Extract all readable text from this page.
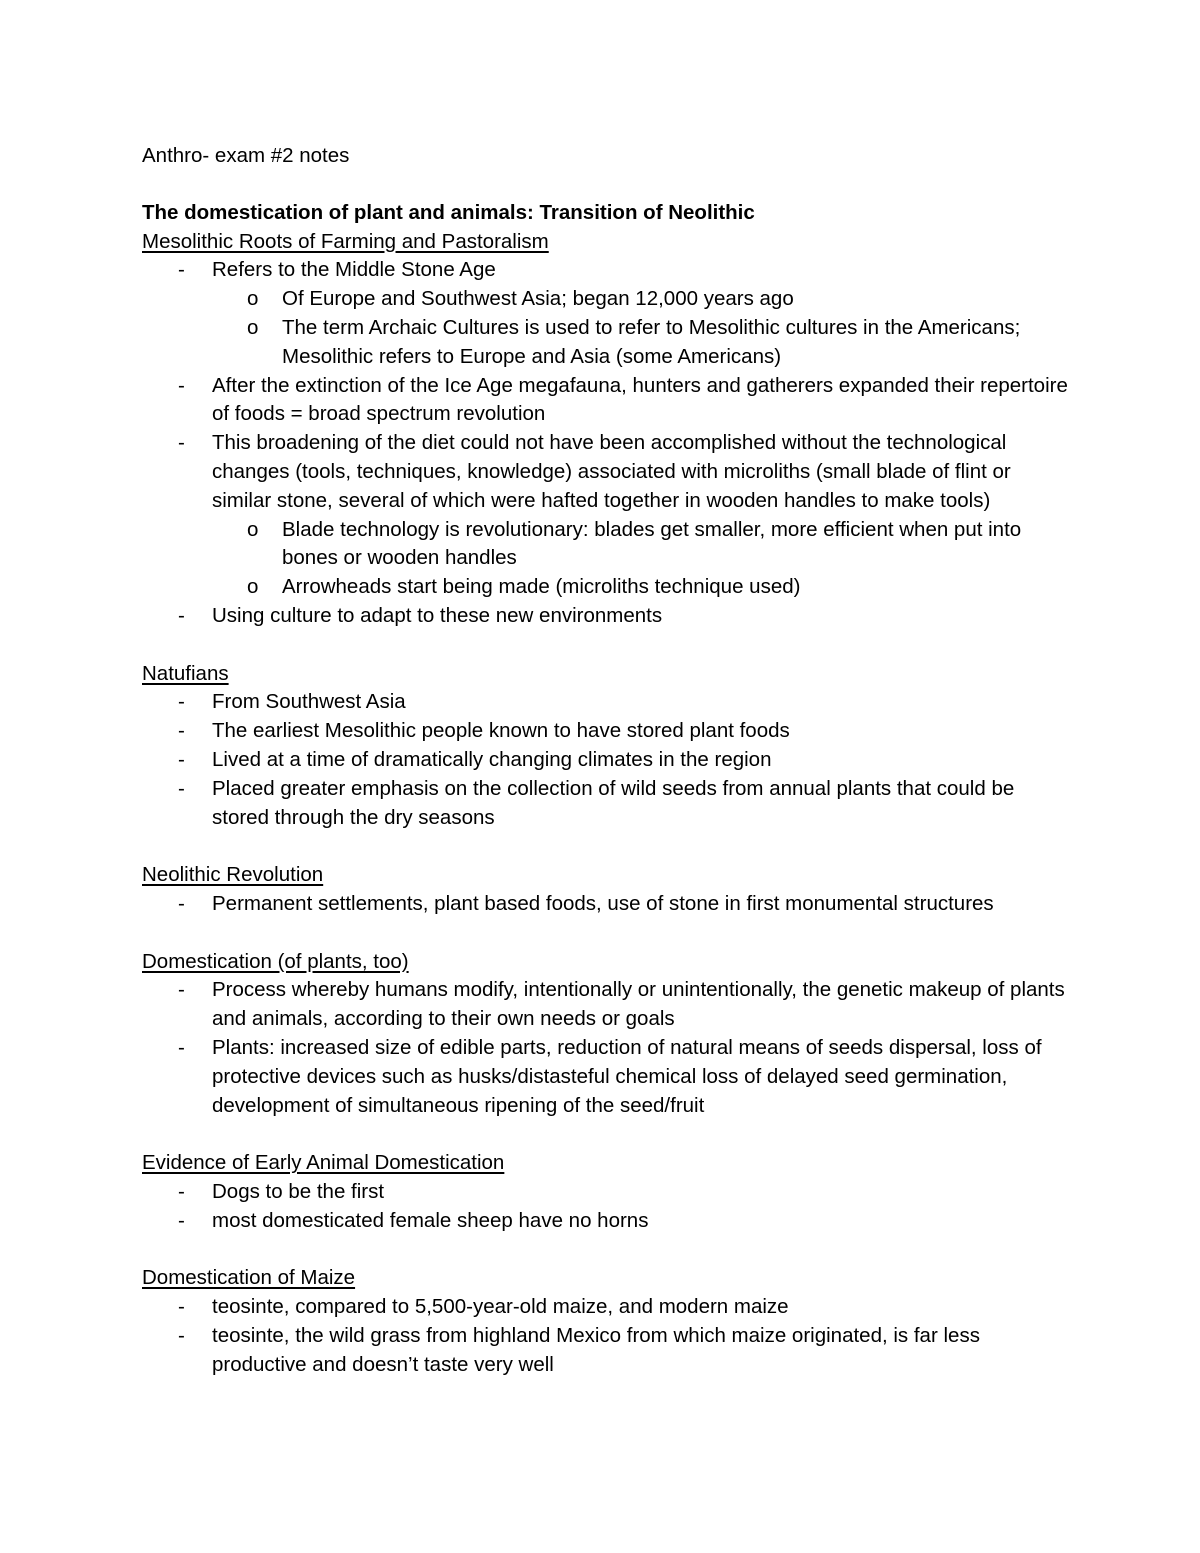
Anthro- exam #2 notes

The domestication of plant and animals: Transition of Neolithic

Mesolithic Roots of Farming and Pastoralism

- Refers to the Middle Stone Age
o Of Europe and Southwest Asia; began 12,000 years ago
o The term Archaic Cultures is used to refer to Mesolithic cultures in the Americans; Mesolithic refers to Europe and Asia (some Americans)
- After the extinction of the Ice Age megafauna, hunters and gatherers expanded their repertoire of foods = broad spectrum revolution
- This broadening of the diet could not have been accomplished without the technological changes (tools, techniques, knowledge) associated with microliths (small blade of flint or similar stone, several of which were hafted together in wooden handles to make tools)
o Blade technology is revolutionary: blades get smaller, more efficient when put into bones or wooden handles
o Arrowheads start being made (microliths technique used)
- Using culture to adapt to these new environments

Natufians

- From Southwest Asia
- The earliest Mesolithic people known to have stored plant foods
- Lived at a time of dramatically changing climates in the region
- Placed greater emphasis on the collection of wild seeds from annual plants that could be stored through the dry seasons

Neolithic Revolution

- Permanent settlements, plant based foods, use of stone in first monumental structures

Domestication (of plants, too)

- Process whereby humans modify, intentionally or unintentionally, the genetic makeup of plants and animals, according to their own needs or goals
- Plants: increased size of edible parts, reduction of natural means of seeds dispersal, loss of protective devices such as husks/distasteful chemical loss of delayed seed germination, development of simultaneous ripening of the seed/fruit

Evidence of Early Animal Domestication

- Dogs to be the first
- most domesticated female sheep have no horns

Domestication of Maize

- teosinte, compared to 5,500-year-old maize, and modern maize
- teosinte, the wild grass from highland Mexico from which maize originated, is far less productive and doesn’t taste very well
